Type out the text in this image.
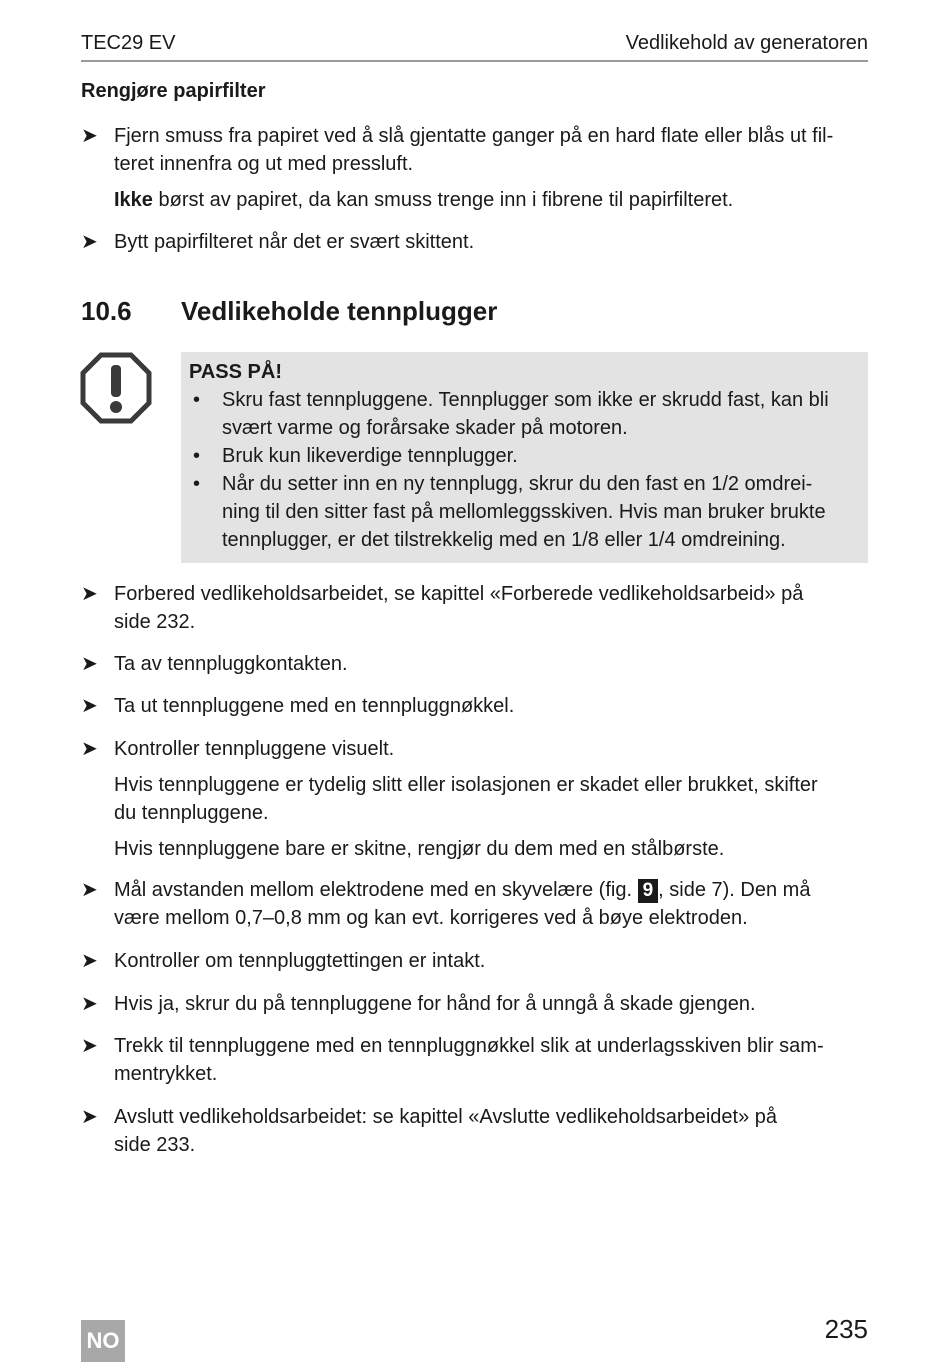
TEC29 EV	Vedlikehold av generatoren
Rengjøre papirfilter
➤ Fjern smuss fra papiret ved å slå gjentatte ganger på en hard flate eller blås ut fil-
teret innenfra og ut med pressluft.
Ikke børst av papiret, da kan smuss trenge inn i fibrene til papirfilteret.
➤ Bytt papirfilteret når det er svært skittent.
10.6 Vedlikeholde tennplugger
PASS PÅ!
• Skru fast tennpluggene. Tennplugger som ikke er skrudd fast, kan bli
svært varme og forårsake skader på motoren.
• Bruk kun likeverdige tennplugger.
• Når du setter inn en ny tennplugg, skrur du den fast en 1/2 omdrei-
ning til den sitter fast på mellomleggsskiven. Hvis man bruker brukte
tennplugger, er det tilstrekkelig med en 1/8 eller 1/4 omdreining.
➤ Forbered vedlikeholdsarbeidet, se kapittel «Forberede vedlikeholdsarbeid» på
side 232.
➤ Ta av tennpluggkontakten.
➤ Ta ut tennpluggene med en tennpluggnøkkel.
➤ Kontroller tennpluggene visuelt.
Hvis tennpluggene er tydelig slitt eller isolasjonen er skadet eller brukket, skifter
du tennpluggene.
Hvis tennpluggene bare er skitne, rengjør du dem med en stålbørste.
➤ Mål avstanden mellom elektrodene med en skyvelære (fig. 9 , side 7). Den må
være mellom 0,7–0,8 mm og kan evt. korrigeres ved å bøye elektroden.
➤ Kontroller om tennpluggtettingen er intakt.
➤ Hvis ja, skrur du på tennpluggene for hånd for å unngå å skade gjengen.
➤ Trekk til tennpluggene med en tennpluggnøkkel slik at underlagsskiven blir sam-
mentrykket.
➤ Avslutt vedlikeholdsarbeidet: se kapittel «Avslutte vedlikeholdsarbeidet» på
side 233.
NO	235
